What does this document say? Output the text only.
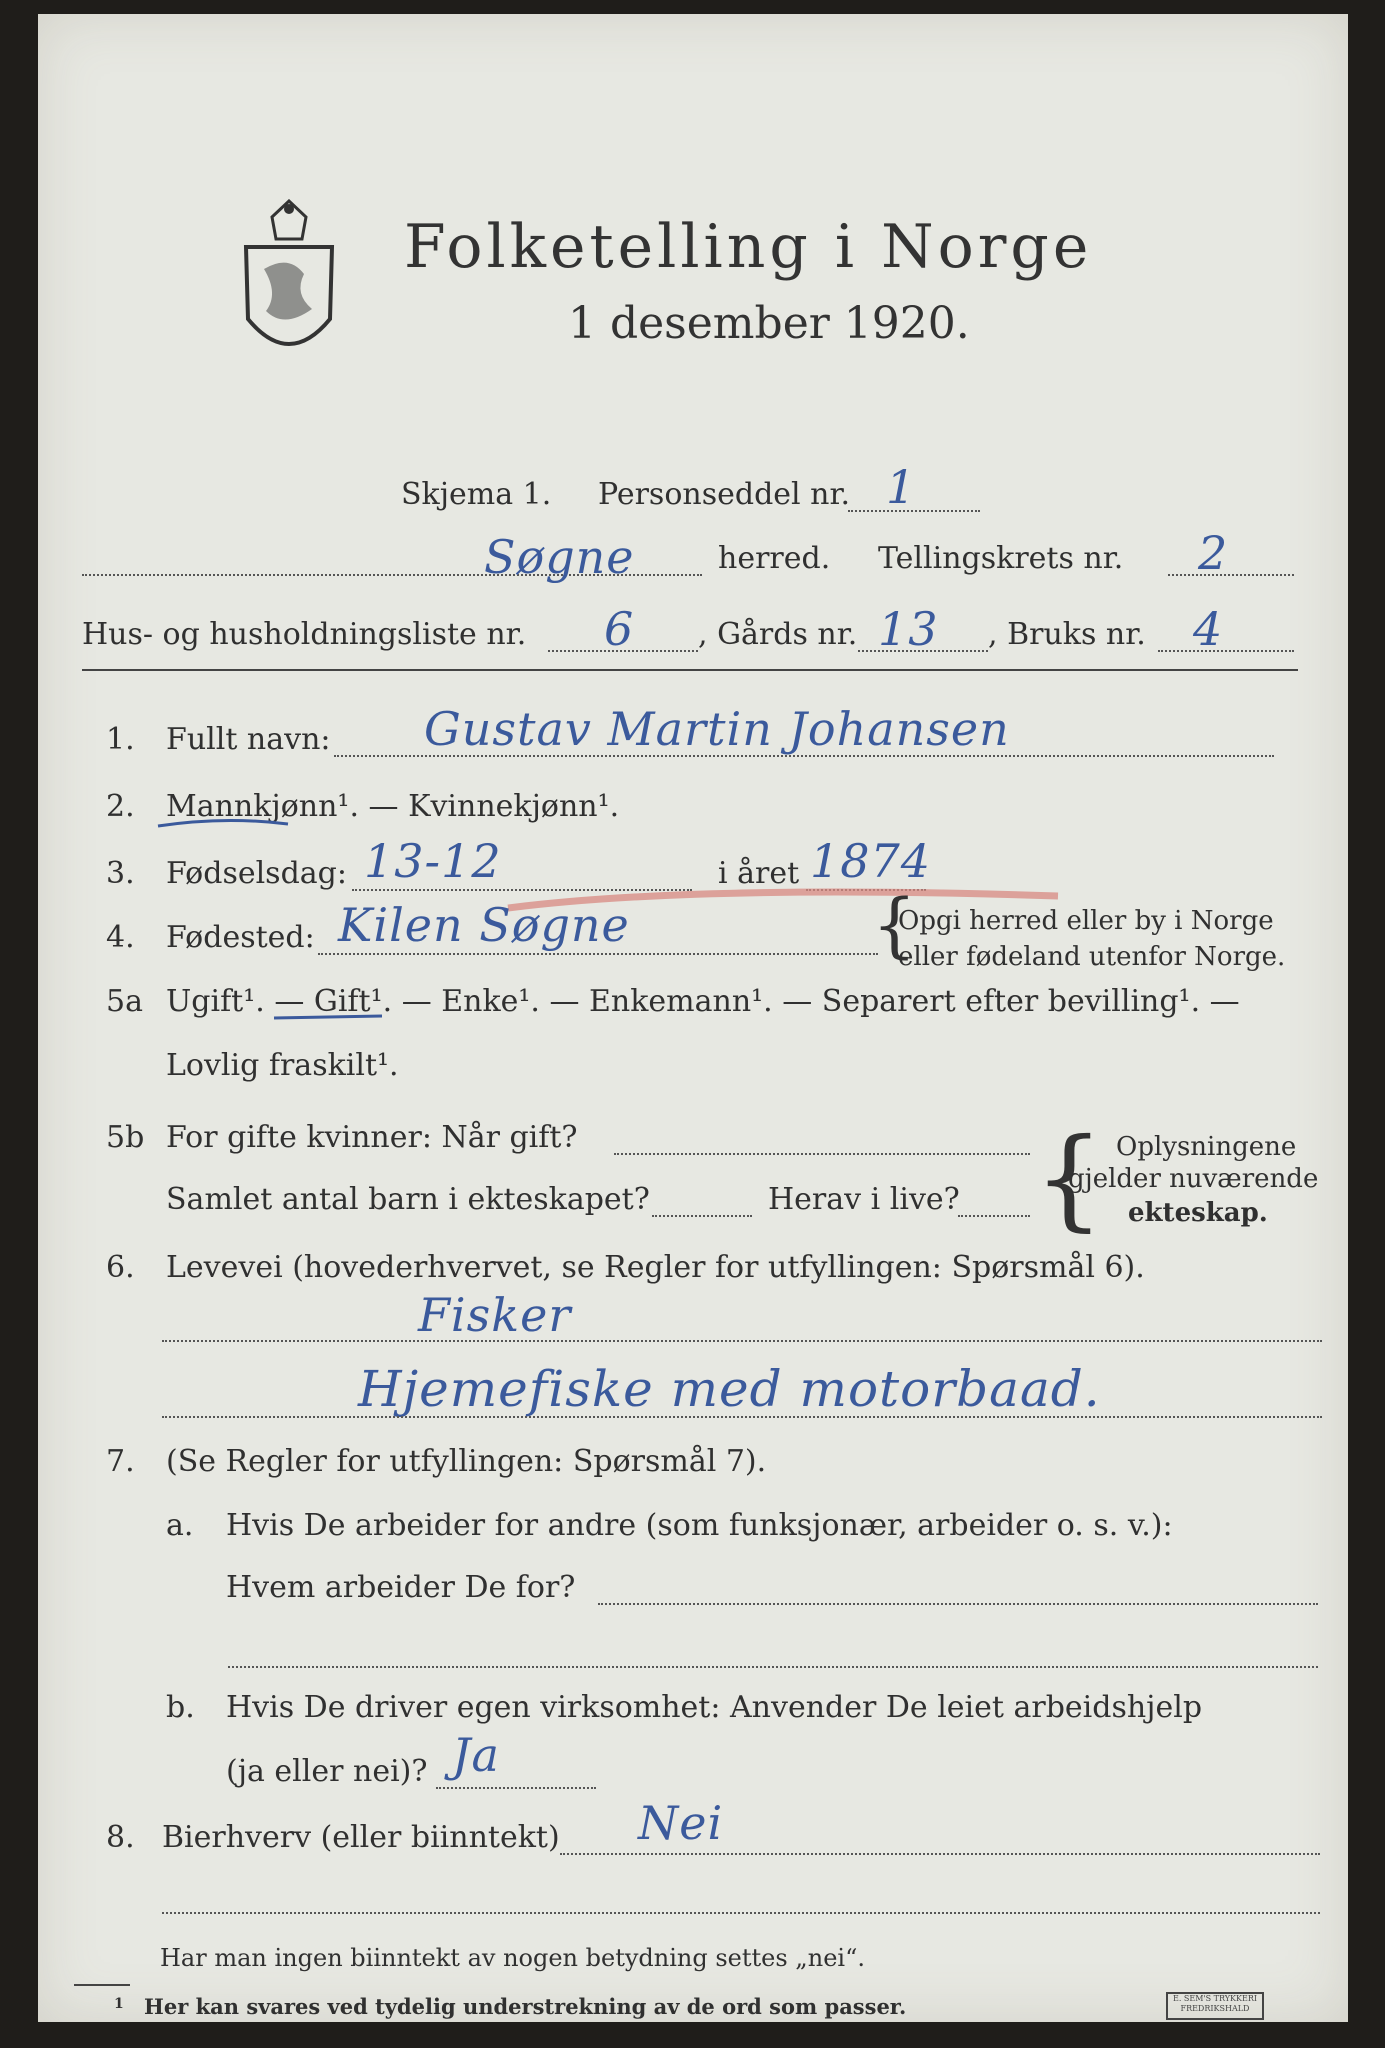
Folketelling i Norge
1 desember 1920.
Skjema 1. Personseddel nr. 1
Søgne	herred. Tellingskrets nr. 2
Hus- og husholdningsliste nr. 6 , Gårds nr. 13 , Bruks nr. 4
1. Fullt navn: Gustav Martin Johansen
2. Mannkjønn¹. — Kvinnekjønn¹.
3. Fødselsdag: 13-12	i året 1874
4. Fødested: Kilen Søgne	{
Opgi herred eller by i Norge
eller fødeland utenfor Norge.
5a Ugift¹. — Gift¹. — Enke¹. — Enkemann¹. — Separert efter bevilling¹. —
Lovlig fraskilt¹.
5b For gifte kvinner: Når gift?
Samlet antal barn i ekteskapet?	Herav i live? { Oplysningene
gjelder nuværende
ekteskap.
6. Levevei (hovederhvervet, se Regler for utfyllingen: Spørsmål 6).
Fisker
Hjemefiske med motorbaad.
7. (Se Regler for utfyllingen: Spørsmål 7).
a. Hvis De arbeider for andre (som funksjonær, arbeider o. s. v.):
Hvem arbeider De for?
b. Hvis De driver egen virksomhet: Anvender De leiet arbeidshjelp
(ja eller nei)? Ja
8. Bierhverv (eller biinntekt) Nei
Har man ingen biinntekt av nogen betydning settes „nei“.
1 Her kan svares ved tydelig understrekning av de ord som passer.	E. SEM'S TRYKKERI
FREDRIKSHALD
